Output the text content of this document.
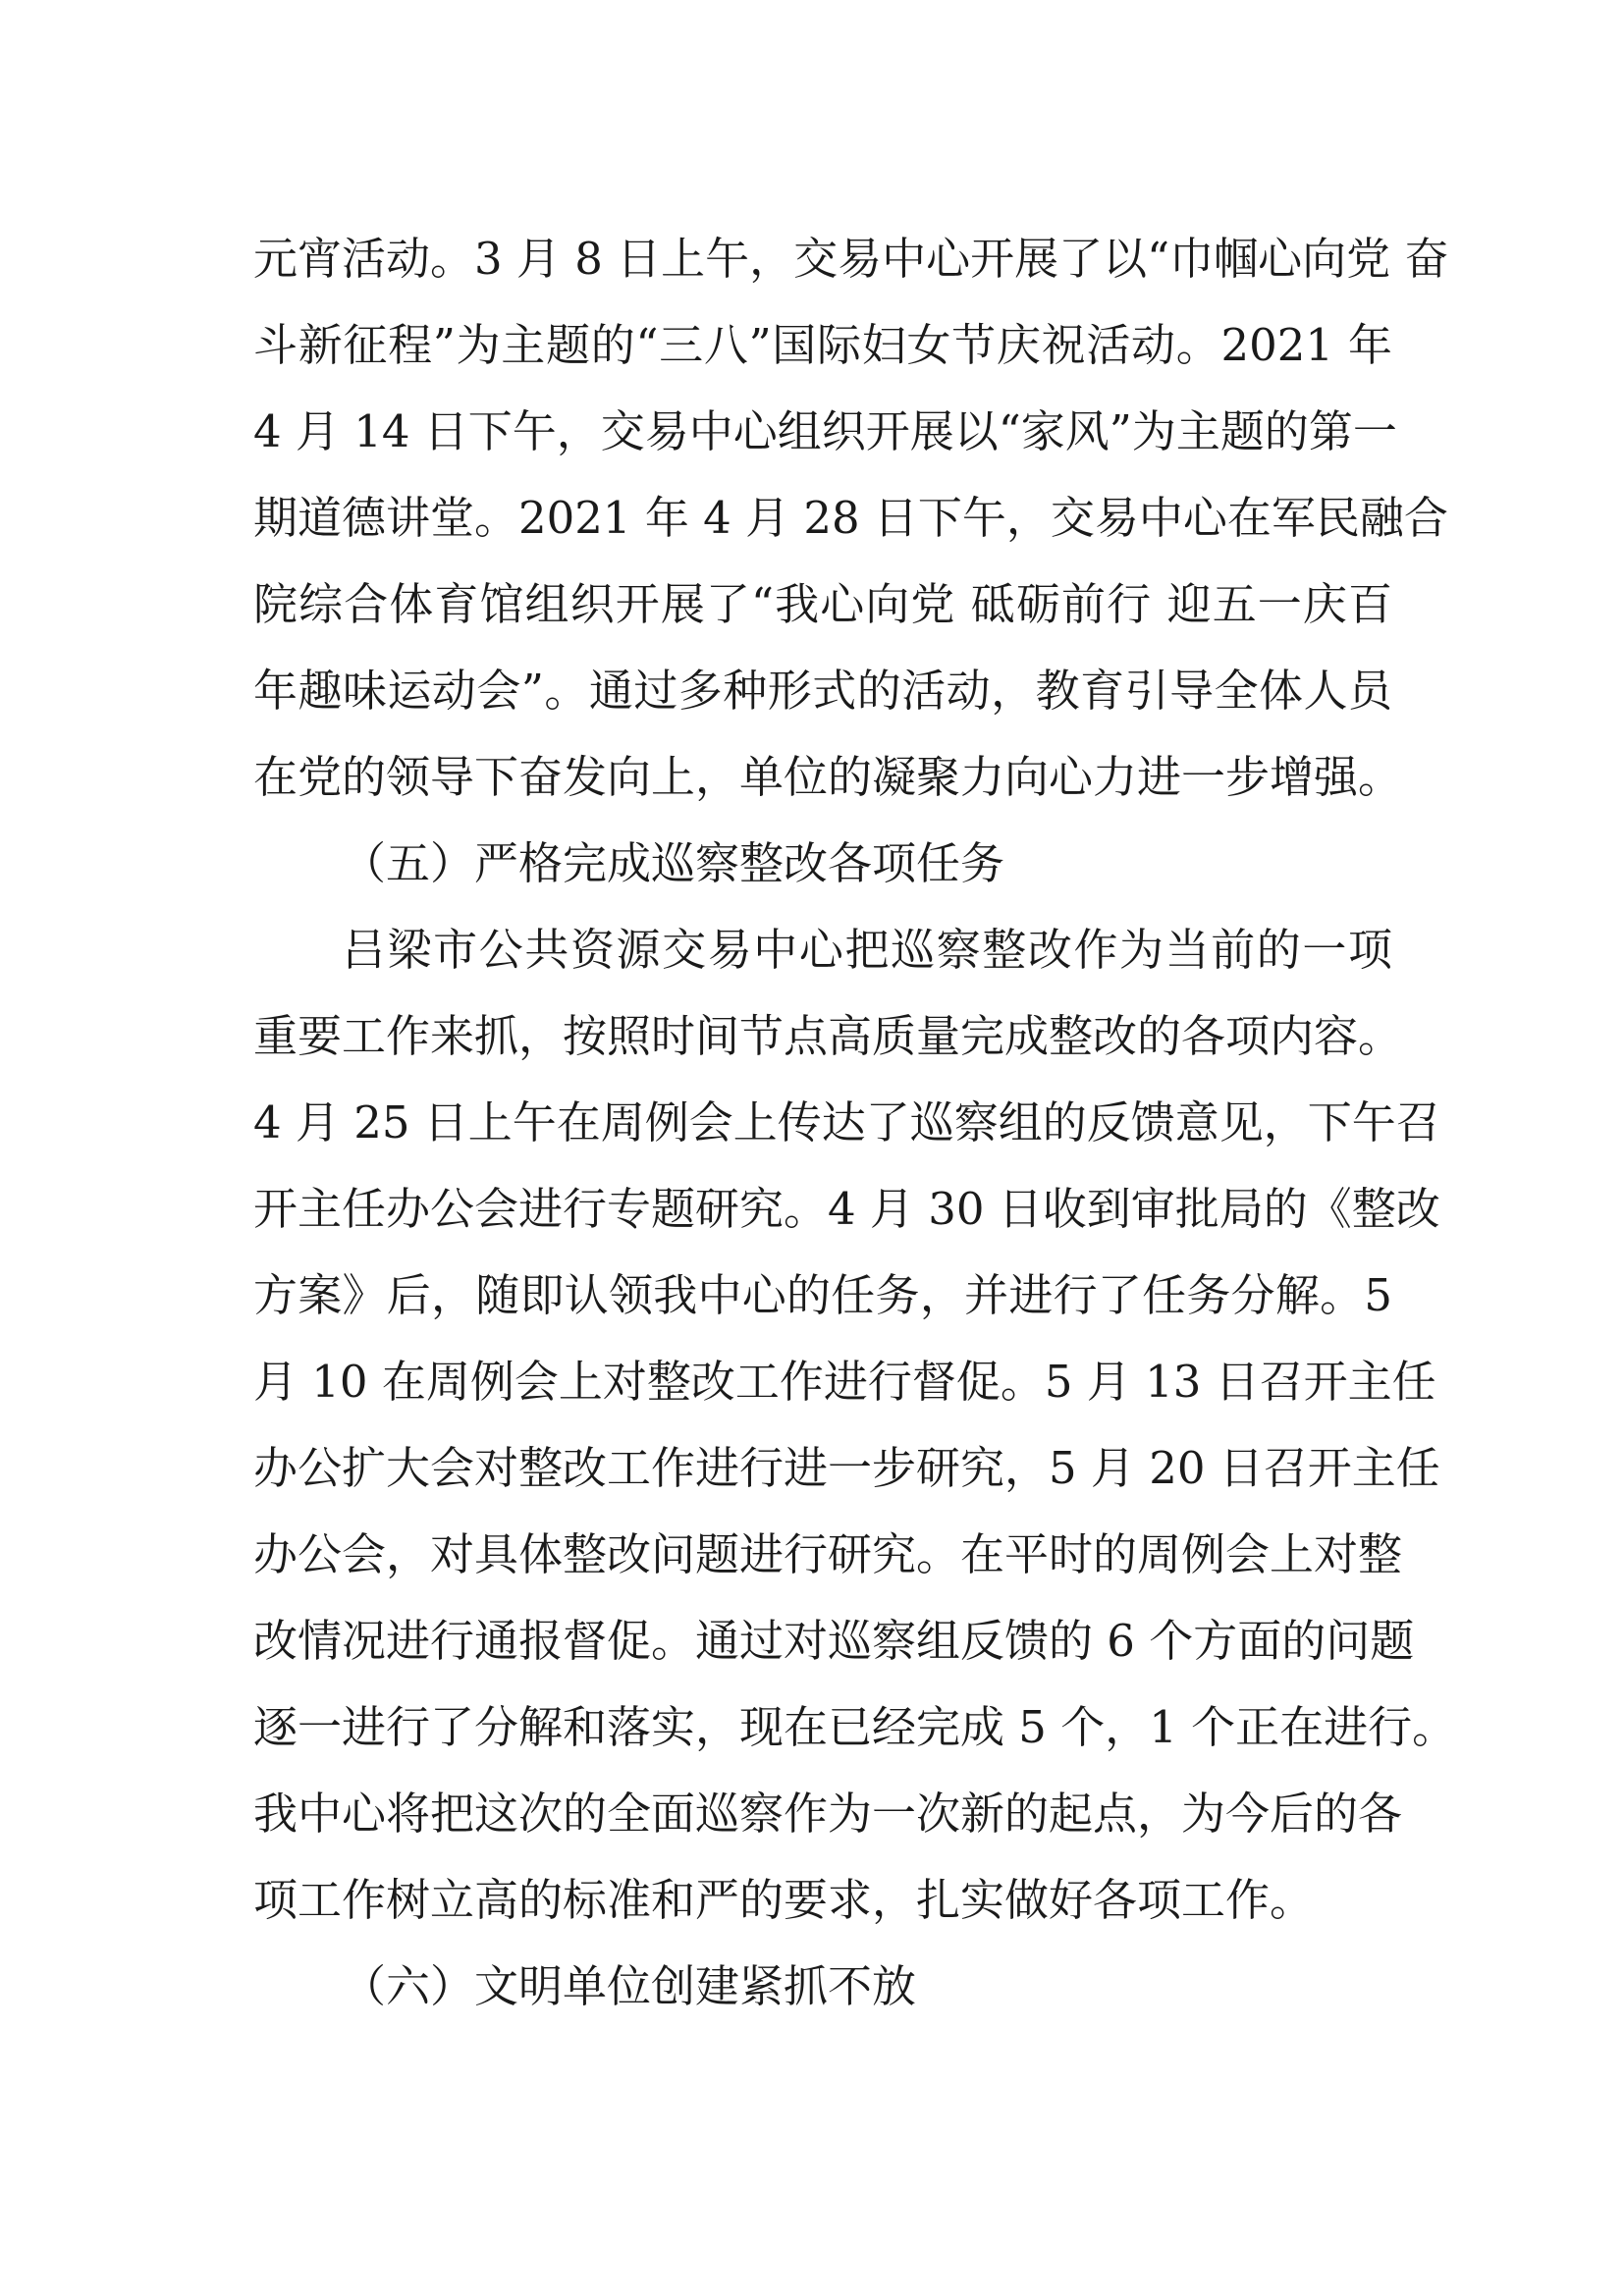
元宵活动。3 月 8 日上午，交易中心开展了以“巾帼心向党 奋
斗新征程”为主题的“三八”国际妇女节庆祝活动。2021 年
4 月 14 日下午，交易中心组织开展以“家风”为主题的第一
期道德讲堂。2021 年 4 月 28 日下午，交易中心在军民融合
院综合体育馆组织开展了“我心向党 砥砺前行 迎五一庆百
年趣味运动会”。通过多种形式的活动，教育引导全体人员
在党的领导下奋发向上，单位的凝聚力向心力进一步增强。
（五）严格完成巡察整改各项任务
吕梁市公共资源交易中心把巡察整改作为当前的一项
重要工作来抓，按照时间节点高质量完成整改的各项内容。
4 月 25 日上午在周例会上传达了巡察组的反馈意见，下午召
开主任办公会进行专题研究。4 月 30 日收到审批局的《整改
方案》后，随即认领我中心的任务，并进行了任务分解。5
月 10 在周例会上对整改工作进行督促。5 月 13 日召开主任
办公扩大会对整改工作进行进一步研究，5 月 20 日召开主任
办公会，对具体整改问题进行研究。在平时的周例会上对整
改情况进行通报督促。通过对巡察组反馈的 6 个方面的问题
逐一进行了分解和落实，现在已经完成 5 个，1 个正在进行。
我中心将把这次的全面巡察作为一次新的起点，为今后的各
项工作树立高的标准和严的要求，扎实做好各项工作。
（六）文明单位创建紧抓不放
